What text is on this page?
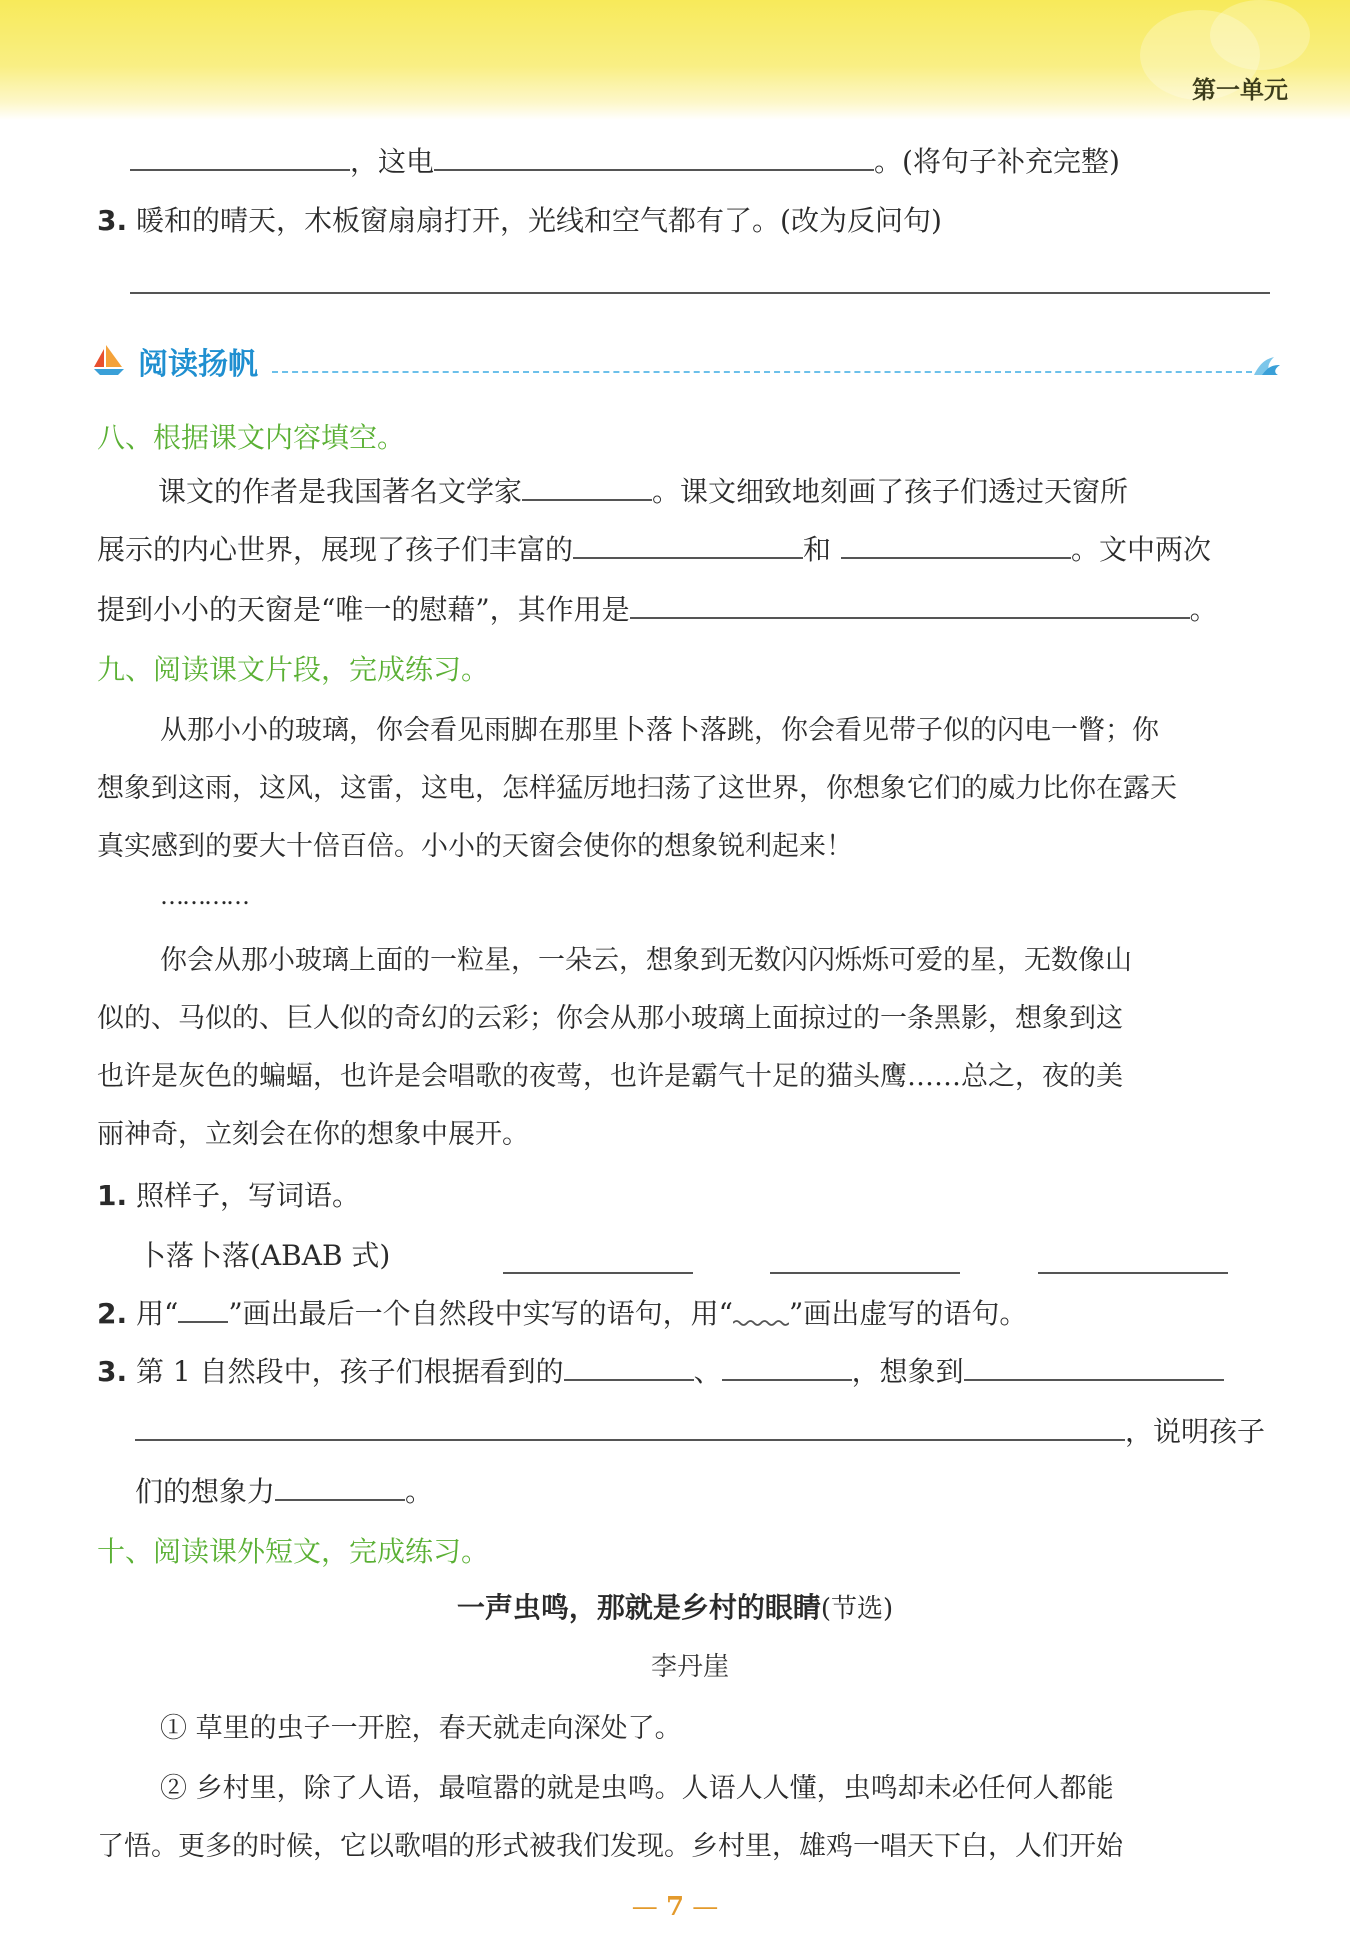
第一单元
，这电	。(将句子补充完整)
3. 暖和的晴天，木板窗扇扇打开，光线和空气都有了。(改为反问句)
阅读扬帆
八、根据课文内容填空。
课文的作者是我国著名文学家	。课文细致地刻画了孩子们透过天窗所
展示的内心世界，展现了孩子们丰富的	和	。文中两次
提到小小的天窗是“唯一的慰藉”，其作用是	。
九、阅读课文片段，完成练习。
从那小小的玻璃，你会看见雨脚在那里卜落卜落跳，你会看见带子似的闪电一瞥；你
想象到这雨，这风，这雷，这电，怎样猛厉地扫荡了这世界，你想象它们的威力比你在露天
真实感到的要大十倍百倍。小小的天窗会使你的想象锐利起来！
…………
你会从那小玻璃上面的一粒星，一朵云，想象到无数闪闪烁烁可爱的星，无数像山
似的、马似的、巨人似的奇幻的云彩；你会从那小玻璃上面掠过的一条黑影，想象到这
也许是灰色的蝙蝠，也许是会唱歌的夜莺，也许是霸气十足的猫头鹰……总之，夜的美
丽神奇，立刻会在你的想象中展开。
1. 照样子，写词语。
卜落卜落(ABAB 式)
2. 用“ ”画出最后一个自然段中实写的语句，用“ ”画出虚写的语句。
3. 第 1 自然段中，孩子们根据看到的	、	，想象到
，说明孩子
们的想象力	。
十、阅读课外短文，完成练习。
一声虫鸣，那就是乡村的眼睛(节选)
李丹崖
① 草里的虫子一开腔，春天就走向深处了。
② 乡村里，除了人语，最喧嚣的就是虫鸣。人语人人懂，虫鸣却未必任何人都能
了悟。更多的时候，它以歌唱的形式被我们发现。乡村里，雄鸡一唱天下白，人们开始
— 7 —
